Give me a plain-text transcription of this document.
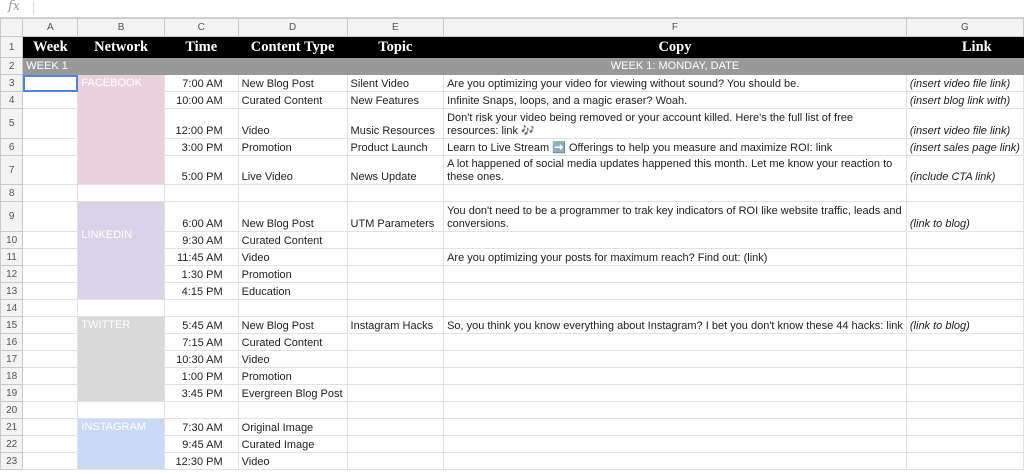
fx
	A	B	C	D	E	F	G
1	Week	Network	Time	Content Type	Topic	Copy	Link
2	WEEK 1					WEEK 1: MONDAY, DATE	
3		FACEBOOK	7:00 AM	New Blog Post	Silent Video	Are you optimizing your video for viewing without sound? You should be.	(insert video file link)
4			10:00 AM	Curated Content	New Features	Infinite Snaps, loops, and a magic eraser? Woah.	(insert blog link with)
5			12:00 PM	Video	Music Resources	Don't risk your video being removed or your account killed. Here's the full list of free resources: link 🎶	(insert video file link)
6			3:00 PM	Promotion	Product Launch	Learn to Live Stream ➡️ Offerings to help you measure and maximize ROI: link	(insert sales page link)
7			5:00 PM	Live Video	News Update	A lot happened of social media updates happened this month. Let me know your reaction to these ones.	(include CTA link)
8							
9		LINKEDIN	6:00 AM	New Blog Post	UTM Parameters	You don't need to be a programmer to trak key indicators of ROI like website traffic, leads and conversions.	(link to blog)
10			9:30 AM	Curated Content			
11			11:45 AM	Video		Are you optimizing your posts for maximum reach? Find out: (link)	
12			1:30 PM	Promotion			
13			4:15 PM	Education			
14							
15		TWITTER	5:45 AM	New Blog Post	Instagram Hacks	So, you think you know everything about Instagram? I bet you don't know these 44 hacks: link	(link to blog)
16			7:15 AM	Curated Content			
17			10:30 AM	Video			
18			1:00 PM	Promotion			
19			3:45 PM	Evergreen Blog Post			
20							
21		INSTAGRAM	7:30 AM	Original Image			
22			9:45 AM	Curated Image			
23			12:30 PM	Video			
